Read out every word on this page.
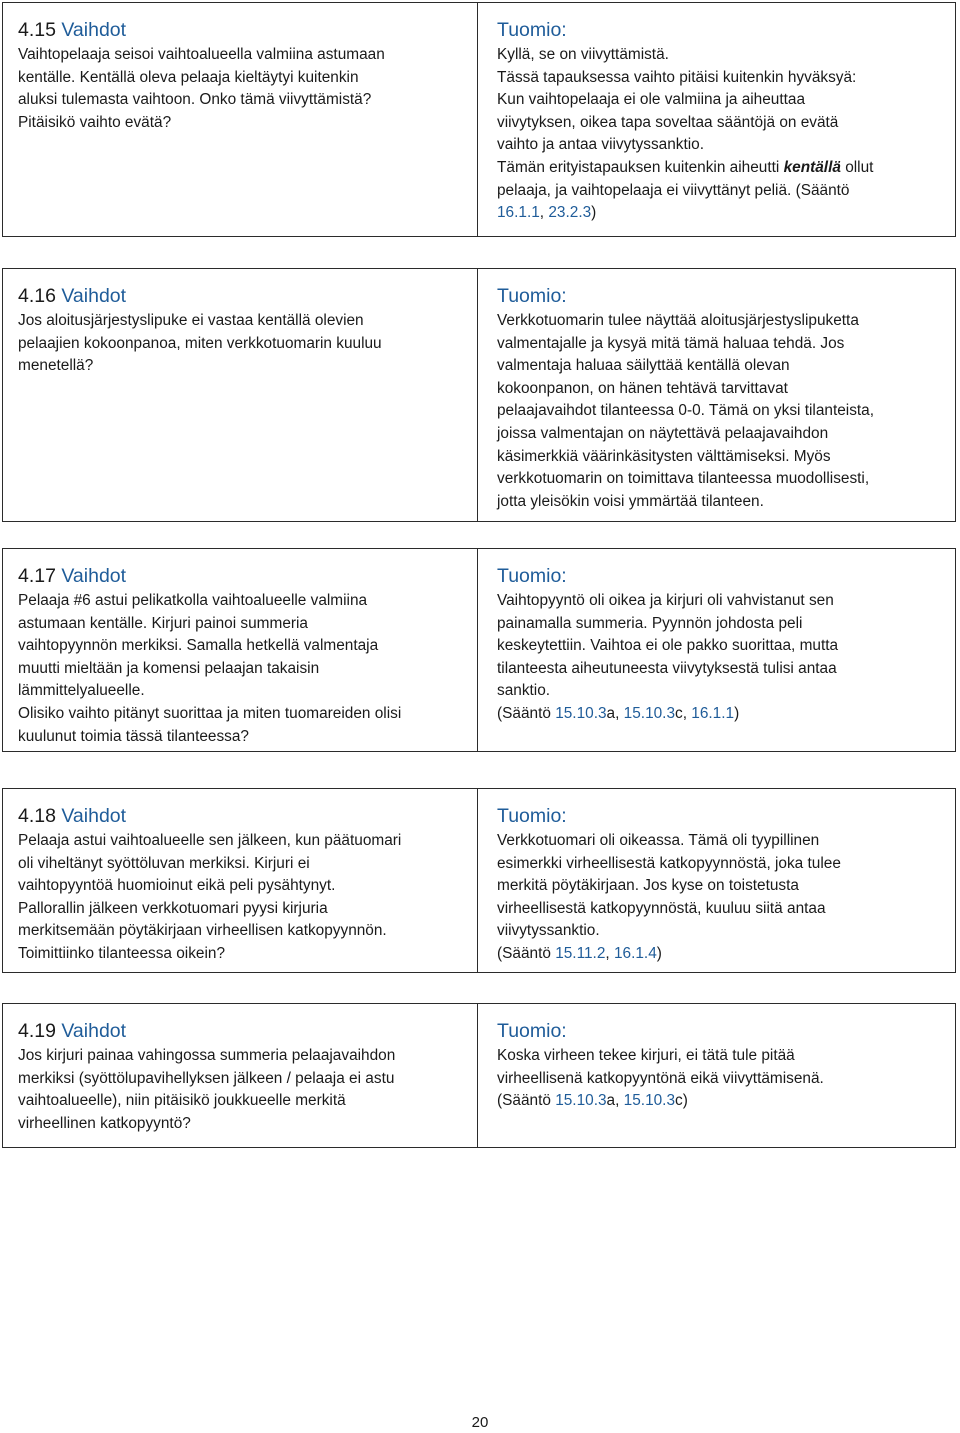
4.15 Vaihdot

Vaihtopelaaja seisoi vaihtoalueella valmiina astumaan

kentälle. Kentällä oleva pelaaja kieltäytyi kuitenkin

aluksi tulemasta vaihtoon. Onko tämä viivyttämistä?

Pitäisikö vaihto evätä?

Tuomio:

Kyllä, se on viivyttämistä.

Tässä tapauksessa vaihto pitäisi kuitenkin hyväksyä:

Kun vaihtopelaaja ei ole valmiina ja aiheuttaa

viivytyksen, oikea tapa soveltaa sääntöjä on evätä

vaihto ja antaa viivytyssanktio.

Tämän erityistapauksen kuitenkin aiheutti kentällä ollut

pelaaja, ja vaihtopelaaja ei viivyttänyt peliä. (Sääntö

16.1.1, 23.2.3)

4.16 Vaihdot

Jos aloitusjärjestyslipuke ei vastaa kentällä olevien

pelaajien kokoonpanoa, miten verkkotuomarin kuuluu

menetellä?

Tuomio:

Verkkotuomarin tulee näyttää aloitusjärjestyslipuketta

valmentajalle ja kysyä mitä tämä haluaa tehdä. Jos

valmentaja haluaa säilyttää kentällä olevan

kokoonpanon, on hänen tehtävä tarvittavat

pelaajavaihdot tilanteessa 0-0. Tämä on yksi tilanteista,

joissa valmentajan on näytettävä pelaajavaihdon

käsimerkkiä väärinkäsitysten välttämiseksi. Myös

verkkotuomarin on toimittava tilanteessa muodollisesti,

jotta yleisökin voisi ymmärtää tilanteen.

4.17 Vaihdot

Pelaaja #6 astui pelikatkolla vaihtoalueelle valmiina

astumaan kentälle. Kirjuri painoi summeria

vaihtopyynnön merkiksi. Samalla hetkellä valmentaja

muutti mieltään ja komensi pelaajan takaisin

lämmittelyalueelle.

Olisiko vaihto pitänyt suorittaa ja miten tuomareiden olisi

kuulunut toimia tässä tilanteessa?

Tuomio:

Vaihtopyyntö oli oikea ja kirjuri oli vahvistanut sen

painamalla summeria. Pyynnön johdosta peli

keskeytettiin. Vaihtoa ei ole pakko suorittaa, mutta

tilanteesta aiheutuneesta viivytyksestä tulisi antaa

sanktio.

(Sääntö 15.10.3a, 15.10.3c, 16.1.1)

4.18 Vaihdot

Pelaaja astui vaihtoalueelle sen jälkeen, kun päätuomari

oli viheltänyt syöttöluvan merkiksi. Kirjuri ei

vaihtopyyntöä huomioinut eikä peli pysähtynyt.

Pallorallin jälkeen verkkotuomari pyysi kirjuria

merkitsemään pöytäkirjaan virheellisen katkopyynnön.

Toimittiinko tilanteessa oikein?

Tuomio:

Verkkotuomari oli oikeassa. Tämä oli tyypillinen

esimerkki virheellisestä katkopyynnöstä, joka tulee

merkitä pöytäkirjaan. Jos kyse on toistetusta

virheellisestä katkopyynnöstä, kuuluu siitä antaa

viivytyssanktio.

(Sääntö 15.11.2, 16.1.4)

4.19 Vaihdot

Jos kirjuri painaa vahingossa summeria pelaajavaihdon

merkiksi (syöttölupavihellyksen jälkeen / pelaaja ei astu

vaihtoalueelle), niin pitäisikö joukkueelle merkitä

virheellinen katkopyyntö?

Tuomio:

Koska virheen tekee kirjuri, ei tätä tule pitää

virheellisenä katkopyyntönä eikä viivyttämisenä.

(Sääntö 15.10.3a, 15.10.3c)

20
